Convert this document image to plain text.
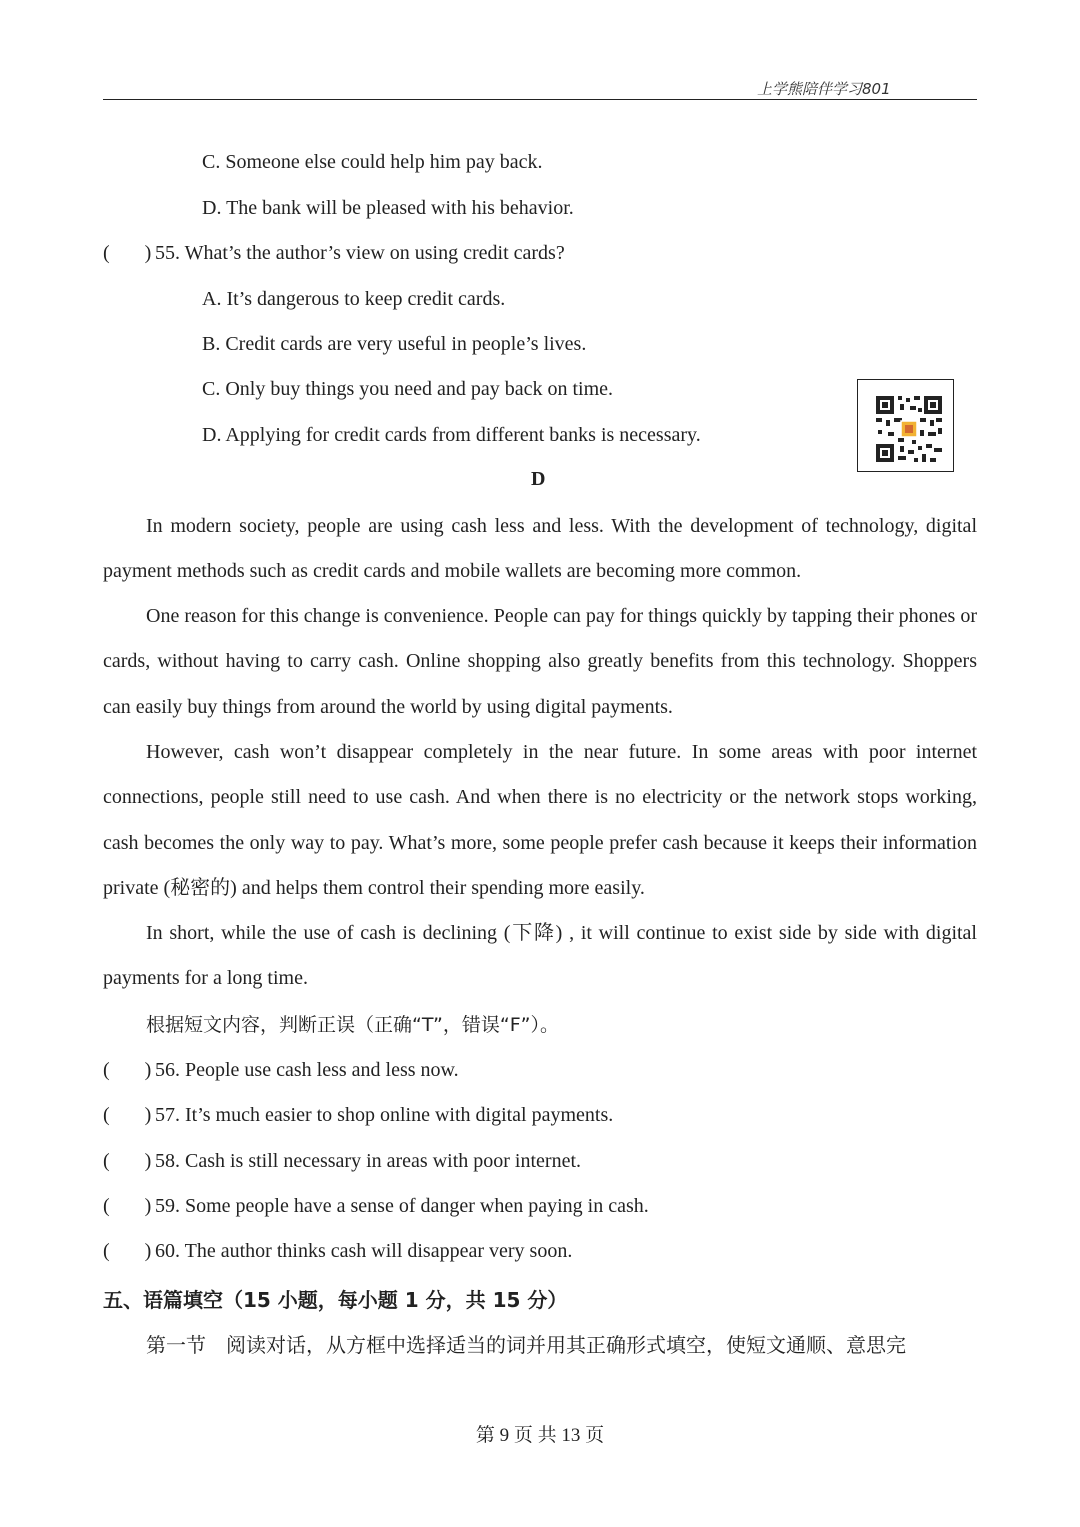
上学熊陪伴学习801
C. Someone else could help him pay back.
D. The bank will be pleased with his behavior.
( ) 55. What’s the author’s view on using credit cards?
A. It’s dangerous to keep credit cards.
B. Credit cards are very useful in people’s lives.
C. Only buy things you need and pay back on time.
D. Applying for credit cards from different banks is necessary.
D
In modern society, people are using cash less and less. With the development of technology, digital payment methods such as credit cards and mobile wallets are becoming more common.
One reason for this change is convenience. People can pay for things quickly by tapping their phones or cards, without having to carry cash. Online shopping also greatly benefits from this technology. Shoppers can easily buy things from around the world by using digital payments.
However, cash won’t disappear completely in the near future. In some areas with poor internet connections, people still need to use cash. And when there is no electricity or the network stops working, cash becomes the only way to pay. What’s more, some people prefer cash because it keeps their information private (秘密的) and helps them control their spending more easily.
In short, while the use of cash is declining (下降) , it will continue to exist side by side with digital payments for a long time.
根据短文内容，判断正误（正确“T”，错误“F”）。
( ) 56. People use cash less and less now.
( ) 57. It’s much easier to shop online with digital payments.
( ) 58. Cash is still necessary in areas with poor internet.
( ) 59. Some people have a sense of danger when paying in cash.
( ) 60. The author thinks cash will disappear very soon.
五、语篇填空（15 小题，每小题 1 分，共 15 分）
第一节　阅读对话，从方框中选择适当的词并用其正确形式填空，使短文通顺、意思完
第 9 页 共 13 页
